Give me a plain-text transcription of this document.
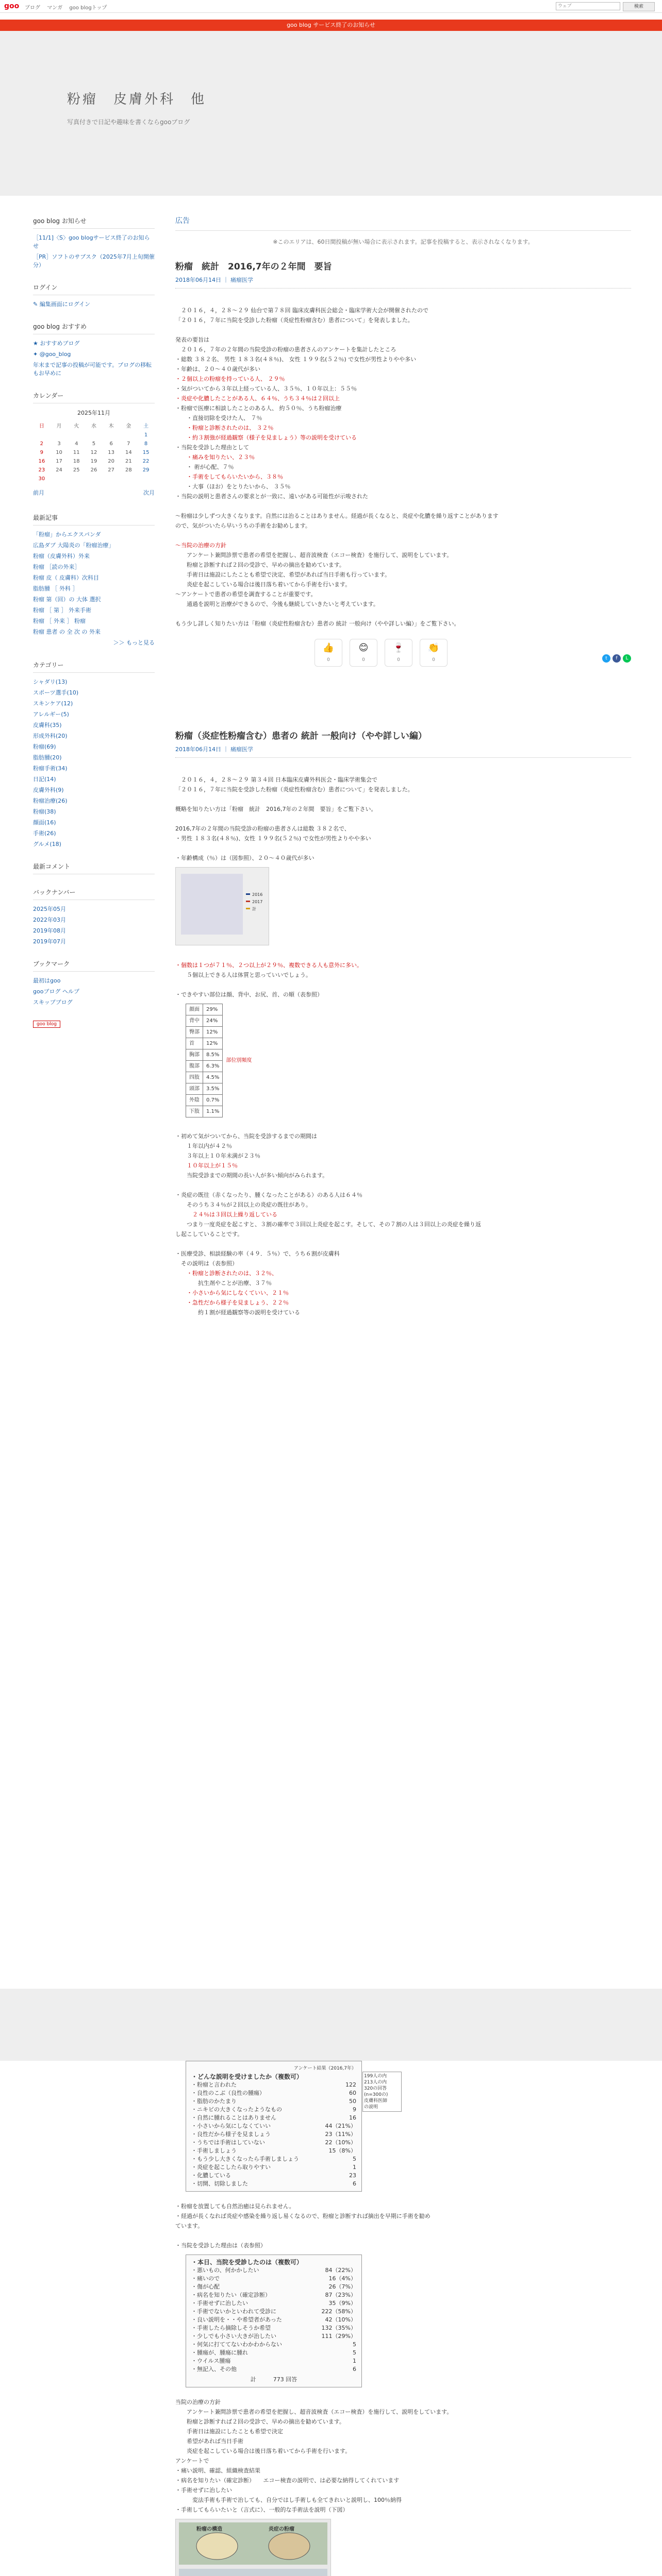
goo ブログ マンガ goo blogトップ	ウェブ	検索
goo blog サービス終了のお知らせ
粉瘤　皮膚外科　他
写真付きで日記や趣味を書くならgooブログ
goo blog お知らせ
［11/1]〈S〉goo blogサービス終了のお知らせ
［PR］ソフトのサブスク（2025年7月上旬開催分）
ログイン
✎ 編集画面にログイン
goo blog おすすめ
★ おすすめブログ
✦ @goo_blog
年末まで記事の投稿が可能です。ブログの移転もお早めに
カレンダー
2025年11月
日	月	火	水	木	金	土
						1
2	3	4	5	6	7	8
9	10	11	12	13	14	15
16	17	18	19	20	21	22
23	24	25	26	27	28	29
30						
前月	次月
最新記事
「粉瘤」からエクスパンダ
広島ダブ 大陽炎の「粉瘤治療」
粉瘤（皮膚外科）外来
粉瘤 ［読の外来］
粉瘤 皮（ 皮膚科）次科目
脂肪腫 ［ 外科 ］
粉瘤 第（回）の 大体 選択
粉瘤 ［ 第 ］ 外来手術
粉瘤 ［ 外来 ］ 粉瘤
粉瘤 患者 の 全 次 の 外来
＞＞ もっと見る
カテゴリー
シャダリ(13)
スポーツ選手(10)
スキンケア(12)
アレルギー(5)
皮膚科(35)
形成外科(20)
粉瘤(69)
脂肪腫(20)
粉瘤手術(34)
日記(14)
皮膚外科(9)
粉瘤治療(26)
粉瘤(38)
顔面(16)
手術(26)
グルメ(18)
最新コメント
バックナンバー
2025年05月
2022年03月
2019年08月
2019年07月
ブックマーク
最初はgoo
gooブログ ヘルプ
スキップブログ
goo blog
広告
※このエリアは、60日間投稿が無い場合に表示されます。記事を投稿すると、表示されなくなります。
粉瘤　統計　2016,7年の２年間　要旨
2018年06月14日 ｜ 痛瘤医学

　２０１６，４，２８～２９ 仙台で第７８回 臨床皮膚科医会総会・臨床学術大会が開催されたので

「２０１６，７年に当院を受診した粉瘤（炎症性粉瘤含む）患者について」を発表しました。

発表の要旨は

　２０１６，７年の２年間の当院受診の粉瘤の患者さんのアンケートを集計したところ

・総数 ３８２名、 男性 １８３名(４８％)、 女性 １９９名(５２％) で女性が男性よりやや多い

・年齢は、２０～４０歳代が多い

・２個以上の粉瘤を持っている人、 ２９％

・気がついてから３年以上経っている人、３５％、１０年以上：５５％

・炎症や化膿したことがある人、６４％、うち３４％は２回以上

・粉瘤で医療に相談したことのある人、 約５０％、うち粉瘤治療

　　・直接切除を受けた人、 ７％

　　・粉瘤と診断されたのは、 ３２％

　　・約３割強が経過観察（様子を見ましょう）等の説明を受けている

・当院を受診した理由として

　　・痛みを知りたい、２３％

　　・ 術が心配、７％

　　・手術をしてもらいたいから、３８％

　　・大事（ほお）をとりたいから、 ３５％

・当院の説明と患者さんの要求とが一致に、遠いがある可能性が示唆された

～粉瘤は少しずつ大きくなります。自然には治ることはありません。経過が長くなると、炎症や化膿を繰り返すことがあります

ので、気がついたら早いうちの手術をお勧めします。

～当院の治療の方針

　　アンケート兼問診票で患者の希望を把握し、超音波検査（エコー検査）を施行して、説明をしています。

　　粉瘤と診断すれば２回の受診で、早めの摘出を勧めています。

　　手術日は施設にしたことも希望で決定、希望があれば当日手術も行っています。

　　炎症を起こしている場合は後日落ち着いてから手術を行います。

～アンケートで患者の希望を調査することが重要です。

　　通過を説明と治療ができるので、今後も継続していきたいと考えています。

もう少し詳しく知りたい方は「粉瘤（炎症性粉瘤含む）患者の 統計 一般向け（やや詳しい編）」をご覧下さい。

👍
0
😊
0
🍷
0
👏
0	t	f	L
粉瘤（炎症性粉瘤含む）患者の 統計 一般向け（やや詳しい編）
2018年06月14日 ｜ 痛瘤医学

　２０１６，４，２８～２９ 第３４回 日本臨床皮膚外科医会・臨床学術集会で

「２０１６，７年に当院を受診した粉瘤（炎症性粉瘤含む）患者について」を発表しました。

概略を知りたい方は「粉瘤　統計　2016,7年の２年間　要旨」をご覧下さい。

2016,7年の２年間の当院受診の粉瘤の患者さんは総数 ３８２名で、

・男性 １８３名(４８％)、女性 １９９名(５２％) で女性が男性よりやや多い

・年齢構成（％）は（図参照）、２０～４０歳代が多い

2016
2017
計

・個数は１つが７１％、２つ以上が２９％、複数できる人も意外に多い。

　　５個以上できる人は体質と思っていいでしょう。

・できやすい部位は顔、背中、お尻、首、の順（表参照）

顔面	29%	部位別頻度
背中	24%	
臀部	12%	
首	12%	
胸部	8.5%	
腹部	6.3%	
四肢	4.5%	
頭部	3.5%	
外陰	0.7%	
下肢	1.1%	

・初めて気がついてから、当院を受診するまでの期間は

　　１年以内が４２％

　　３年以上１０年未満が２３％

　　１０年以上が１５％

　　当院受診までの期間の長い人が多い傾向がみられます。

・炎症の既往（赤くなったり、腫くなったことがある）のある人は６４％

　　そのうち３４％が２回以上の炎症の既往があり。

　　　２４％は３回以上繰り返している

　　つまり一度炎症を起こすと、３割の確率で３回以上炎症を起こす。そして、その７割の人は３回以上の炎症を繰り返

し起こしていることです。

・医療受診、相談経験の率（４９．５％）で、うち６割が皮膚科

　その説明は（表参照）

　　・粉瘤と診断されたのは、３２％、

　　　　抗生剤やことが治療、３７％

　　・小さいから気にしなくていい、２１％

　　・急性だから様子を見ましょう、２２％

　　　　約１割が経過観察等の説明を受けている

アンケート結果（2016,7年）
・どんな説明を受けましたか（複数可）
・粉瘤と言われた	122
・良性のこぶ（良性の腫瘍）	60
・脂肪のかたまり	50
・ニキビの大きくなったようなもの	9
・自然に腫れることはありません	16
・小さいから気にしなくていい	44（21%）
・良性だから様子を見ましょう	23（11%）
・うちでは手術はしていない	22（10%）
・手術しましょう	15（8%）
・もう少し大きくなったら手術しましょう	5
・炎症を起こしたら取りやすい	1
・化膿している	23
・切開、切除しました	6
199人の内
213人の内
320の回答
(n=300の)
皮膚科医師
の説明

・粉瘤を放置しても自然治癒は見られません。

・経過が長くなれば炎症や感染を繰り返し易くなるので、粉瘤と診断すれば摘出を早期に手術を勧め

ています。

・当院を受診した理由は（表参照）

・本日、当院を受診したのは（複数可）
・悪いもの、何かかしたい	84（22%）
・痛いので	16（4%）
・傷が心配	26（7%）
・病名を知りたい（確定診断）	87（23%）
・手術せずに治したい	35（9%）
・手術でないかといわれて受診に	222（58%）
・良い説明を・・や希望者があった	42（10%）
・手術したら摘除しそうか希望	132（35%）
・少しでも小さい大きが治したい	111（29%）
・何気に打ててないわかわからない	5
・腫瘍が、腫瘍に腫れ	5
・ウイルス腫瘍	1
・無記入、その他	6
計　　　773 回答

当院の治療の方針

　　アンケート兼問診票で患者の希望を把握し、超音波検査（エコー検査）を施行して、説明をしています。

　　粉瘤と診断すれば２回の受診で、早めの摘出を勧めています。

　　手術日は施設にしたことも希望で決定

　　希望があれば当日手術

　　炎症を起こしている場合は後日落ち着いてから手術を行います。

アンケートで

・痛い説明、確認、組織検査結果

・病名を知りたい（確定診断）　　エコー検査の説明で、は必要な納得してくれています

・手術せずに治したい

　　　変法手術も手術で治しても、自分ではし手術しも全てきれいと説明し、100％納得

・手術してもらいたいと（言式に）、一般的な手術法を説明（下図）

粉瘤の構造	炎症の粉瘤
